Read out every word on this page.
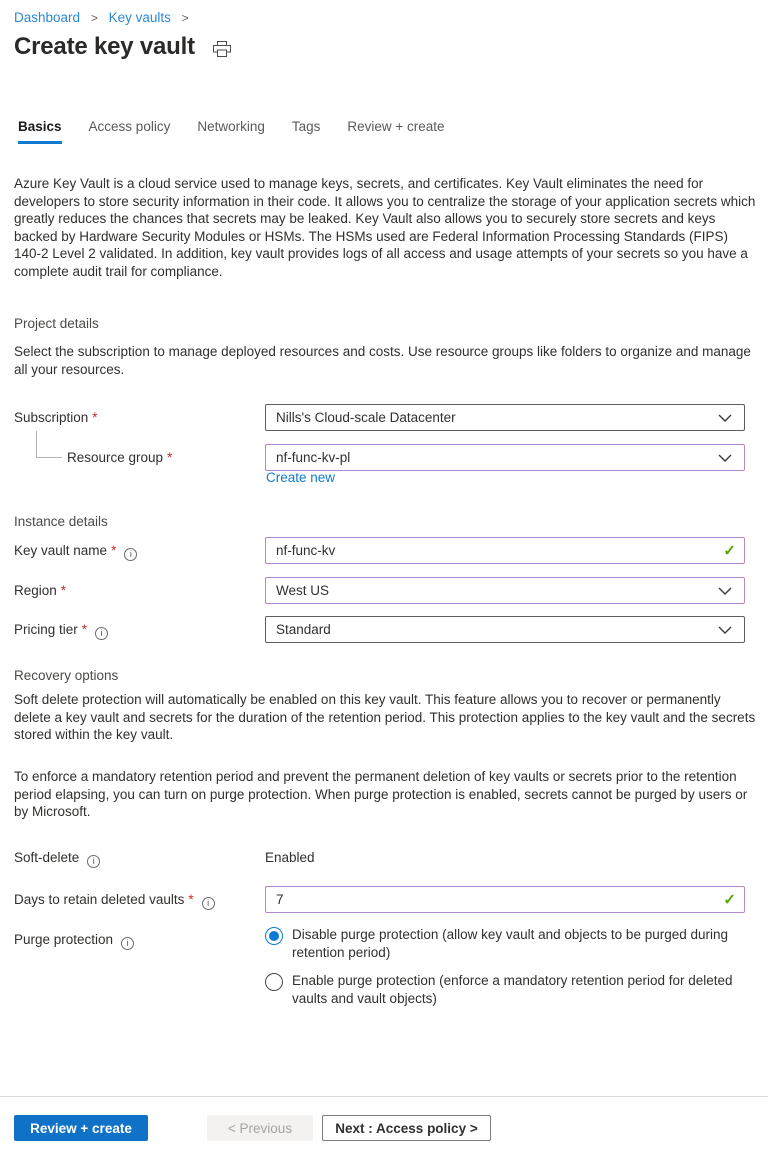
Dashboard > Key vaults >
Create key vault
Basics Access policy Networking Tags Review + create

Azure Key Vault is a cloud service used to manage keys, secrets, and certificates. Key Vault eliminates the need for developers to store security information in their code. It allows you to centralize the storage of your application secrets which greatly reduces the chances that secrets may be leaked. Key Vault also allows you to securely store secrets and keys backed by Hardware Security Modules or HSMs. The HSMs used are Federal Information Processing Standards (FIPS) 140-2 Level 2 validated. In addition, key vault provides logs of all access and usage attempts of your secrets so you have a complete audit trail for compliance.

Project details

Select the subscription to manage deployed resources and costs. Use resource groups like folders to organize and manage all your resources.

Subscription *	Nills's Cloud-scale Datacenter
Resource group *	nf-func-kv-pl
Create new
Instance details
Key vault name * i	nf-func-kv	✓
Region *	West US
Pricing tier * i	Standard
Recovery options

Soft delete protection will automatically be enabled on this key vault. This feature allows you to recover or permanently delete a key vault and secrets for the duration of the retention period. This protection applies to the key vault and the secrets stored within the key vault.

To enforce a mandatory retention period and prevent the permanent deletion of key vaults or secrets prior to the retention period elapsing, you can turn on purge protection. When purge protection is enabled, secrets cannot be purged by users or by Microsoft.

Soft-delete i	Enabled
Days to retain deleted vaults * i	7	✓
Purge protection i
Disable purge protection (allow key vault and objects to be purged during retention period)
Enable purge protection (enforce a mandatory retention period for deleted vaults and vault objects)
Review + create	< Previous	Next : Access policy >
